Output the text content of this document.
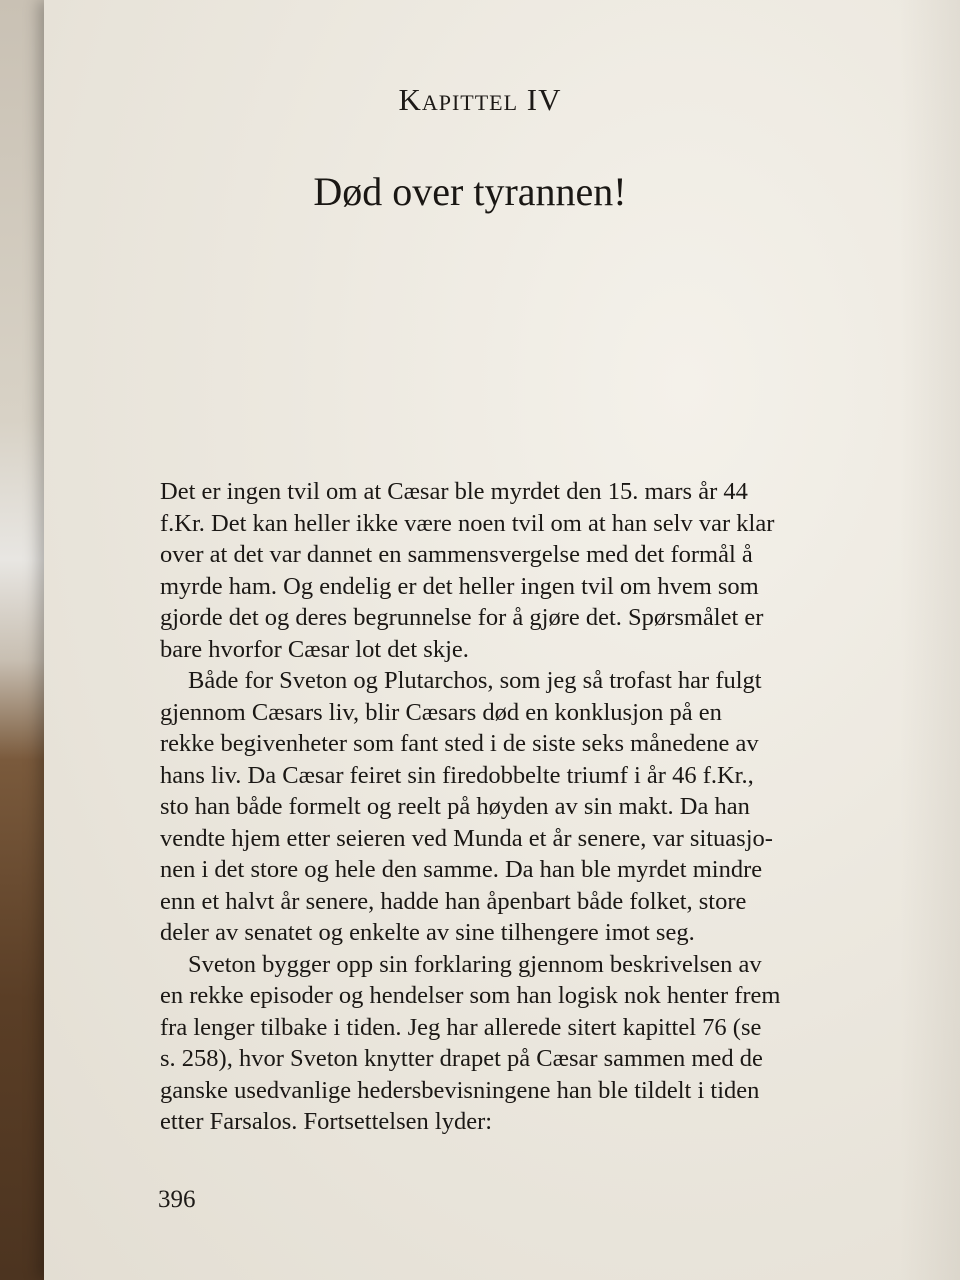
Kapittel IV
Død over tyrannen!

Det er ingen tvil om at Cæsar ble myrdet den 15. mars år 44
f.Kr. Det kan heller ikke være noen tvil om at han selv var klar
over at det var dannet en sammensvergelse med det formål å
myrde ham. Og endelig er det heller ingen tvil om hvem som
gjorde det og deres begrunnelse for å gjøre det. Spørsmålet er
bare hvorfor Cæsar lot det skje.

Både for Sveton og Plutarchos, som jeg så trofast har fulgt
gjennom Cæsars liv, blir Cæsars død en konklusjon på en
rekke begivenheter som fant sted i de siste seks månedene av
hans liv. Da Cæsar feiret sin firedobbelte triumf i år 46 f.Kr.,
sto han både formelt og reelt på høyden av sin makt. Da han
vendte hjem etter seieren ved Munda et år senere, var situasjo-
nen i det store og hele den samme. Da han ble myrdet mindre
enn et halvt år senere, hadde han åpenbart både folket, store
deler av senatet og enkelte av sine tilhengere imot seg.

Sveton bygger opp sin forklaring gjennom beskrivelsen av
en rekke episoder og hendelser som han logisk nok henter frem
fra lenger tilbake i tiden. Jeg har allerede sitert kapittel 76 (se
s. 258), hvor Sveton knytter drapet på Cæsar sammen med de
ganske usedvanlige hedersbevisningene han ble tildelt i tiden
etter Farsalos. Fortsettelsen lyder:

396
